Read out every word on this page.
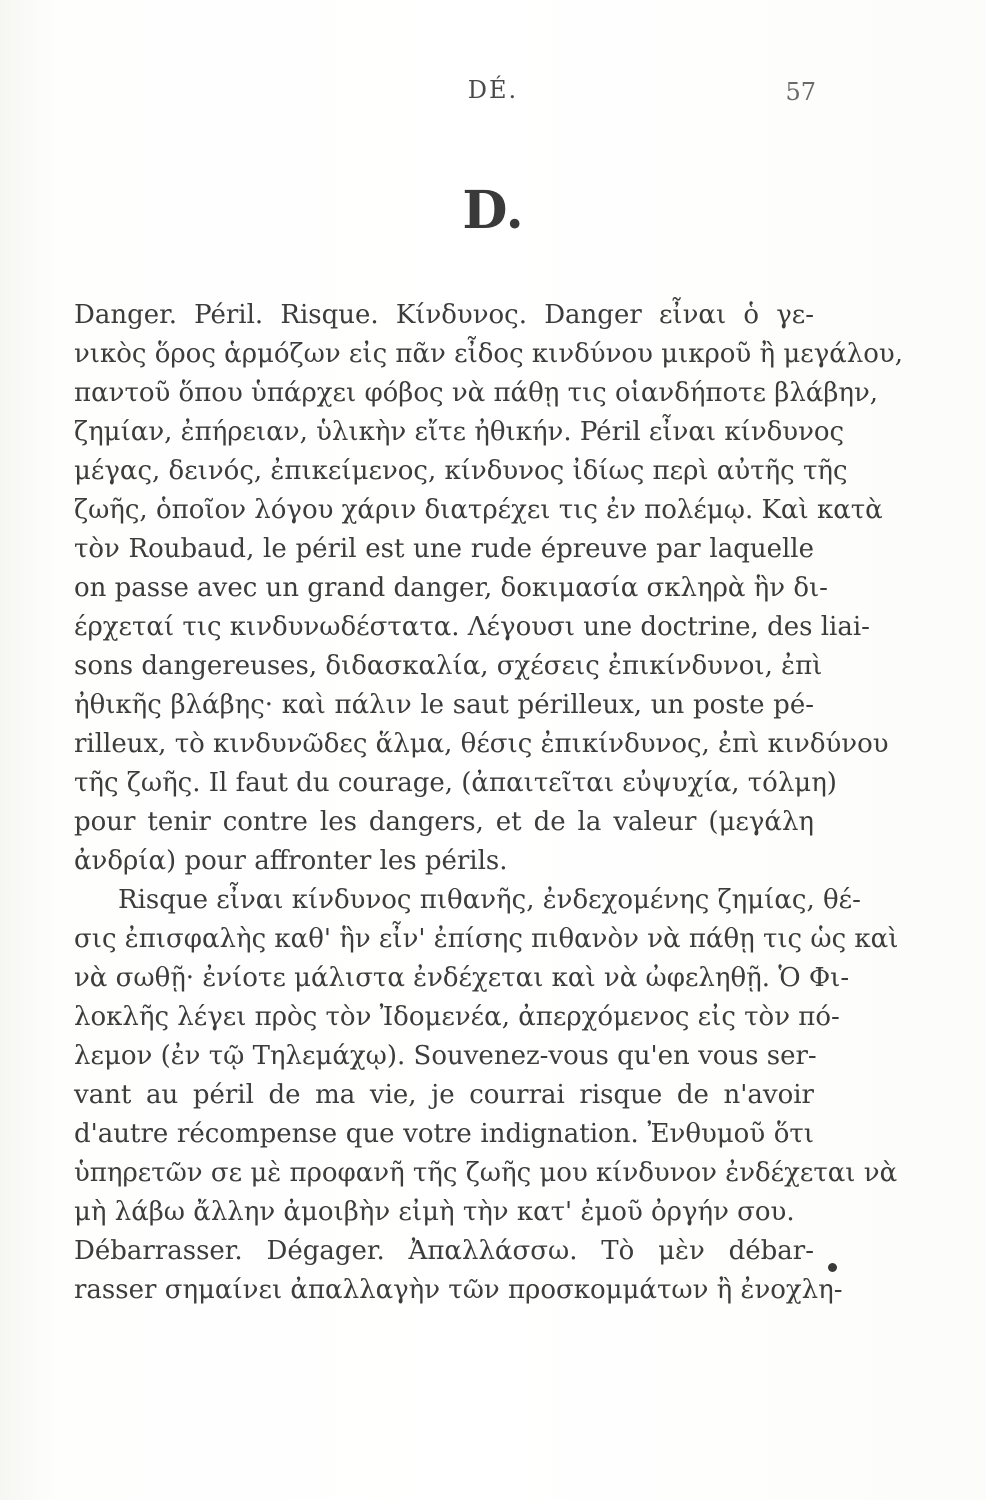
DÉ.	57
D.
Danger. Péril. Risque. Κίνδυνος. Danger εἶναι ὁ γε-
νικὸς ὅρος ἁρμόζων εἰς πᾶν εἶδος κινδύνου μικροῦ ἢ μεγάλου,
παντοῦ ὅπου ὑπάρχει φόβος νὰ πάθῃ τις οἱανδήποτε βλάβην,
ζημίαν, ἐπήρειαν, ὑλικὴν εἴτε ἠθικήν. Péril εἶναι κίνδυνος
μέγας, δεινός, ἐπικείμενος, κίνδυνος ἰδίως περὶ αὐτῆς τῆς
ζωῆς, ὁποῖον λόγου χάριν διατρέχει τις ἐν πολέμῳ. Καὶ κατὰ
τὸν Roubaud, le péril est une rude épreuve par laquelle
on passe avec un grand danger, δοκιμασία σκληρὰ ἣν δι-
έρχεταί τις κινδυνωδέστατα. Λέγουσι une doctrine, des liai-
sons dangereuses, διδασκαλία, σχέσεις ἐπικίνδυνοι, ἐπὶ
ἠθικῆς βλάβης· καὶ πάλιν le saut périlleux, un poste pé-
rilleux, τὸ κινδυνῶδες ἅλμα, θέσις ἐπικίνδυνος, ἐπὶ κινδύνου
τῆς ζωῆς. Il faut du courage, (ἀπαιτεῖται εὐψυχία, τόλμη)
pour tenir contre les dangers, et de la valeur (μεγάλη
ἀνδρία) pour affronter les périls.
Risque εἶναι κίνδυνος πιθανῆς, ἐνδεχομένης ζημίας, θέ-
σις ἐπισφαλὴς καθ' ἣν εἶν' ἐπίσης πιθανὸν νὰ πάθῃ τις ὡς καὶ
νὰ σωθῇ· ἐνίοτε μάλιστα ἐνδέχεται καὶ νὰ ὠφεληθῇ. Ὁ Φι-
λοκλῆς λέγει πρὸς τὸν Ἰδομενέα, ἀπερχόμενος εἰς τὸν πό-
λεμον (ἐν τῷ Τηλεμάχῳ). Souvenez-vous qu'en vous ser-
vant au péril de ma vie, je courrai risque de n'avoir
d'autre récompense que votre indignation. Ἐνθυμοῦ ὅτι
ὑπηρετῶν σε μὲ προφανῆ τῆς ζωῆς μου κίνδυνον ἐνδέχεται νὰ
μὴ λάβω ἄλλην ἀμοιβὴν εἰμὴ τὴν κατ' ἐμοῦ ὀργήν σου.
Débarrasser. Dégager. Ἀπαλλάσσω. Τὸ μὲν débar-
rasser σημαίνει ἀπαλλαγὴν τῶν προσκομμάτων ἢ ἐνοχλη-
